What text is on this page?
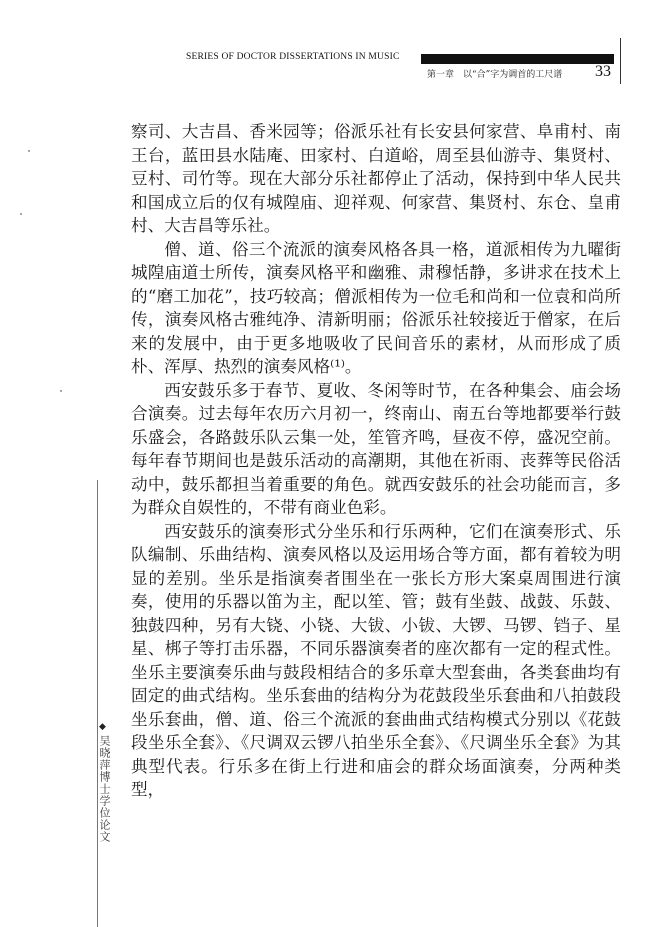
SERIES OF DOCTOR DISSERTATIONS IN MUSIC
第一章　以“合”字为调首的工尺谱 33

察司、大吉昌、香米园等；俗派乐社有长安县何家营、阜甫村、南王台，蓝田县水陆庵、田家村、白道峪，周至县仙游寺、集贤村、豆村、司竹等。现在大部分乐社都停止了活动，保持到中华人民共和国成立后的仅有城隍庙、迎祥观、何家营、集贤村、东仓、皇甫村、大吉昌等乐社。

僧、道、俗三个流派的演奏风格各具一格，道派相传为九曜街城隍庙道士所传，演奏风格平和幽雅、肃穆恬静，多讲求在技术上的“磨工加花”，技巧较高；僧派相传为一位毛和尚和一位袁和尚所传，演奏风格古雅纯净、清新明丽；俗派乐社较接近于僧家，在后来的发展中，由于更多地吸收了民间音乐的素材，从而形成了质朴、浑厚、热烈的演奏风格⁽¹⁾。

西安鼓乐多于春节、夏收、冬闲等时节，在各种集会、庙会场合演奏。过去每年农历六月初一，终南山、南五台等地都要举行鼓乐盛会，各路鼓乐队云集一处，笙管齐鸣，昼夜不停，盛况空前。每年春节期间也是鼓乐活动的高潮期，其他在祈雨、丧葬等民俗活动中，鼓乐都担当着重要的角色。就西安鼓乐的社会功能而言，多为群众自娱性的，不带有商业色彩。

西安鼓乐的演奏形式分坐乐和行乐两种，它们在演奏形式、乐队编制、乐曲结构、演奏风格以及运用场合等方面，都有着较为明显的差别。坐乐是指演奏者围坐在一张长方形大案桌周围进行演奏，使用的乐器以笛为主，配以笙、管；鼓有坐鼓、战鼓、乐鼓、独鼓四种，另有大铙、小铙、大钹、小钹、大锣、马锣、铛子、星星、梆子等打击乐器，不同乐器演奏者的座次都有一定的程式性。坐乐主要演奏乐曲与鼓段相结合的多乐章大型套曲，各类套曲均有固定的曲式结构。坐乐套曲的结构分为花鼓段坐乐套曲和八拍鼓段坐乐套曲，僧、道、俗三个流派的套曲曲式结构模式分别以《花鼓段坐乐全套》、《尺调双云锣八拍坐乐全套》、《尺调坐乐全套》为其典型代表。行乐多在街上行进和庙会的群众场面演奏，分两种类型，

◆
吴晓萍博士学位论文
